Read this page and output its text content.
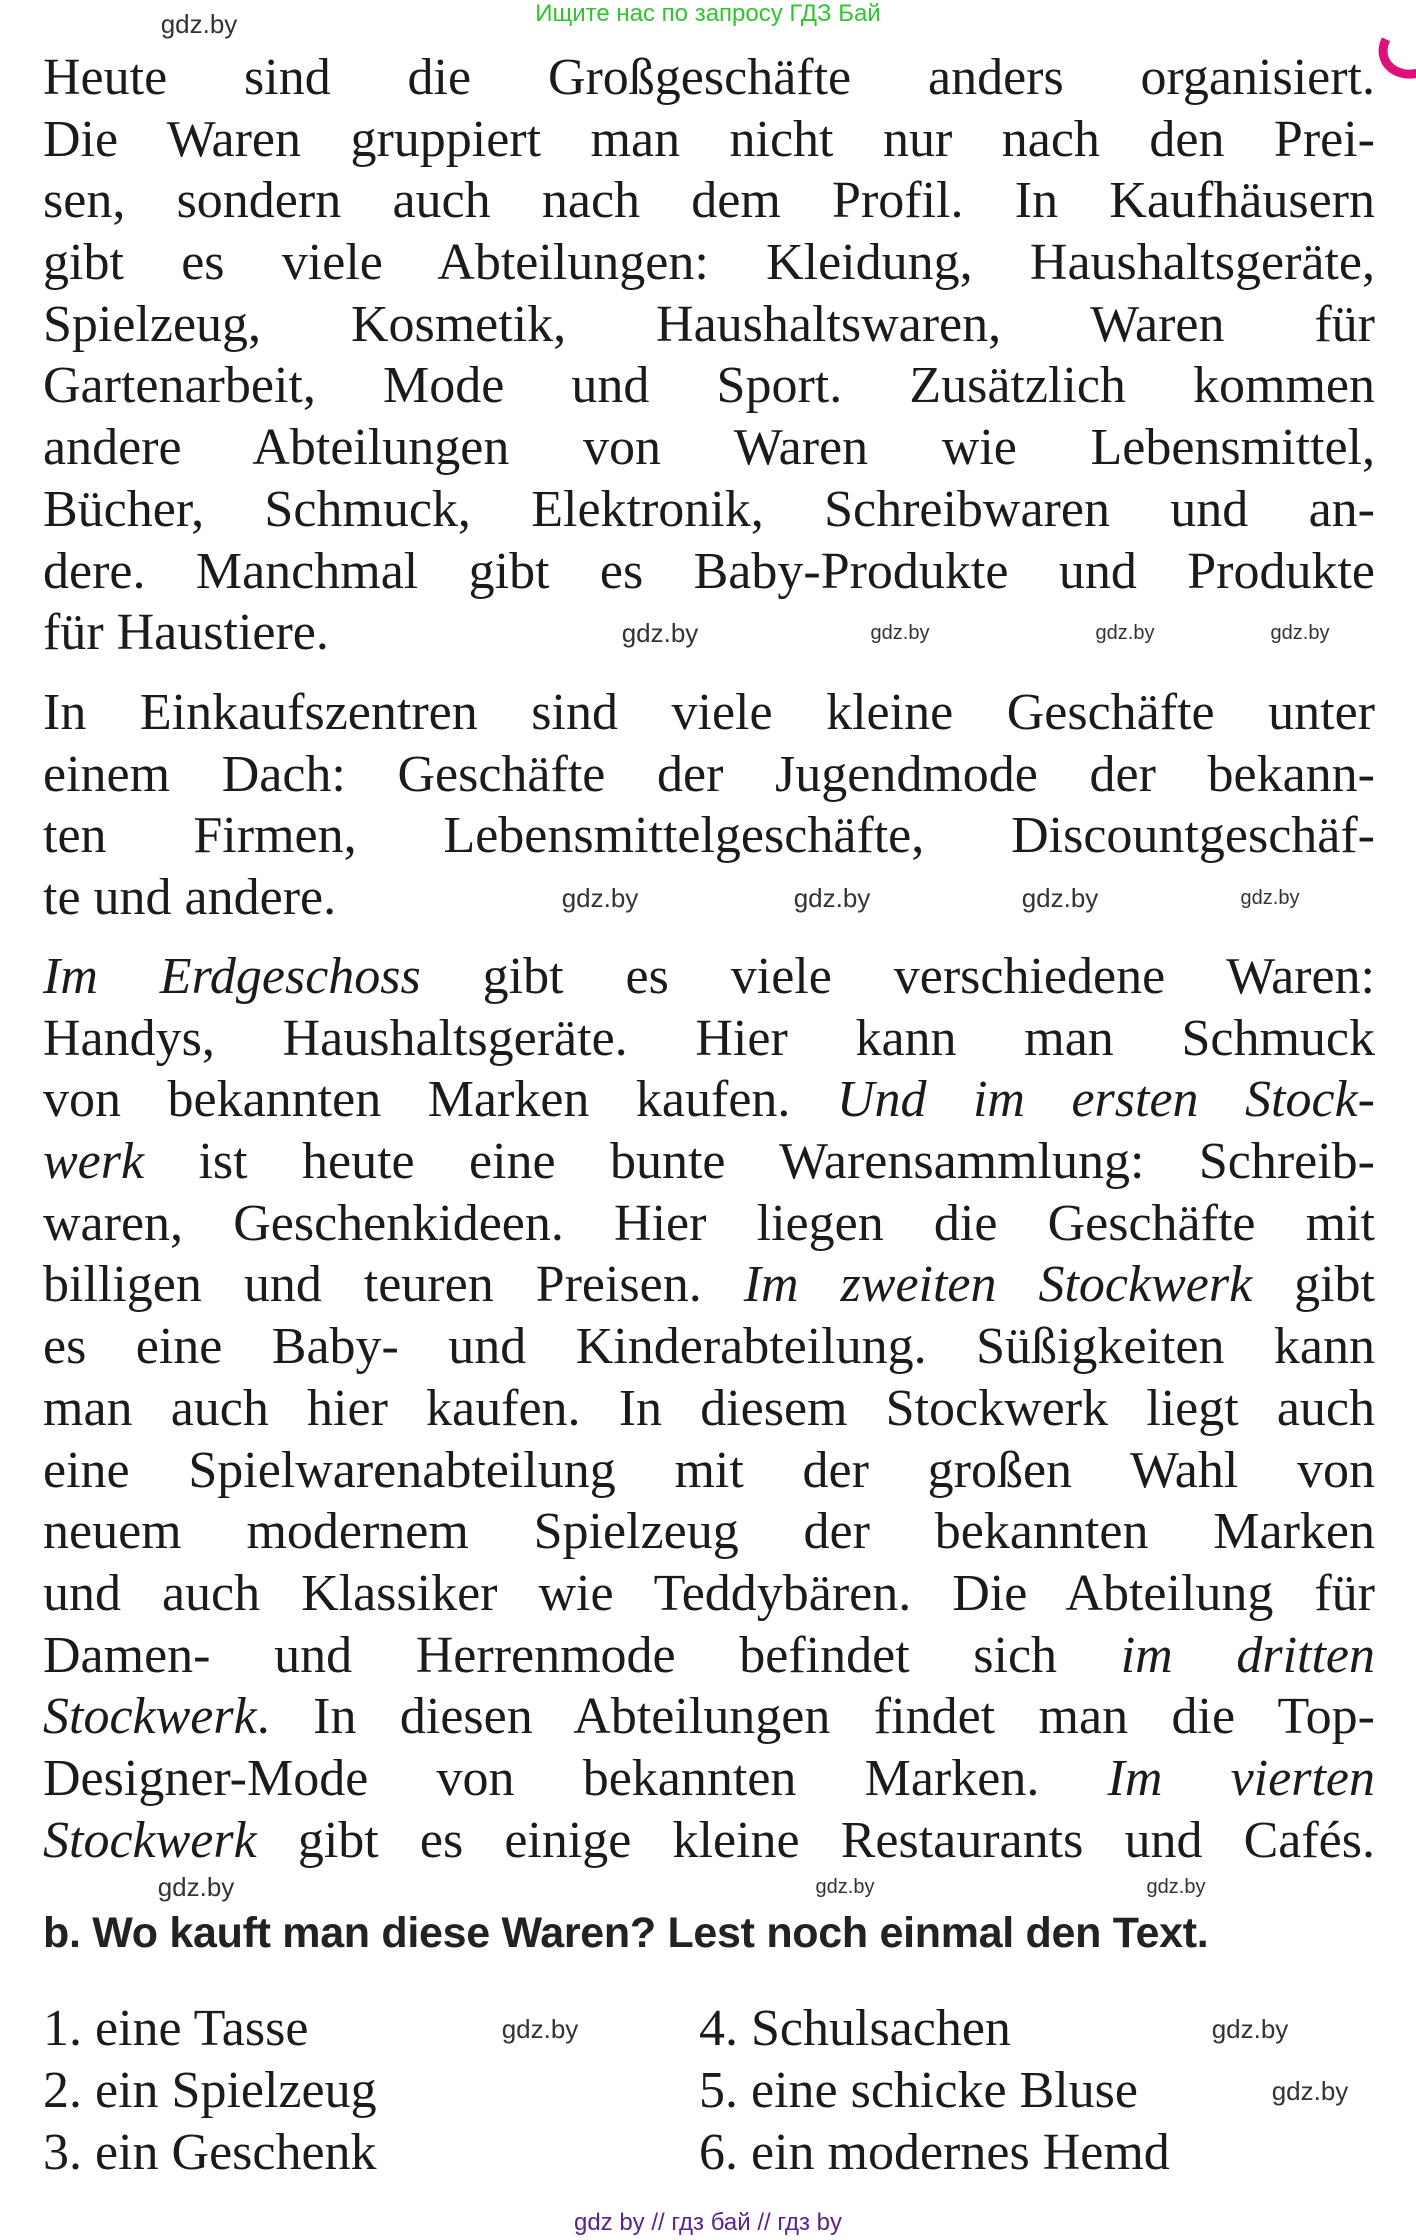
Ищите нас по запросу ГДЗ Бай
Heute sind die Großgeschäfte anders organisiert.
Die Waren gruppiert man nicht nur nach den Prei-
sen, sondern auch nach dem Profil. In Kaufhäusern
gibt es viele Abteilungen: Kleidung, Haushaltsgeräte,
Spielzeug, Kosmetik, Haushaltswaren, Waren für
Gartenarbeit, Mode und Sport. Zusätzlich kommen
andere Abteilungen von Waren wie Lebensmittel,
Bücher, Schmuck, Elektronik, Schreibwaren und an-
dere. Manchmal gibt es Baby-Produkte und Produkte
für Haustiere.
In Einkaufszentren sind viele kleine Geschäfte unter
einem Dach: Geschäfte der Jugendmode der bekann-
ten Firmen, Lebensmittelgeschäfte, Discountgeschäf-
te und andere.
Im Erdgeschoss gibt es viele verschiedene Waren:
Handys, Haushaltsgeräte. Hier kann man Schmuck
von bekannten Marken kaufen. Und im ersten Stock-
werk ist heute eine bunte Warensammlung: Schreib-
waren, Geschenkideen. Hier liegen die Geschäfte mit
billigen und teuren Preisen. Im zweiten Stockwerk gibt
es eine Baby- und Kinderabteilung. Süßigkeiten kann
man auch hier kaufen. In diesem Stockwerk liegt auch
eine Spielwarenabteilung mit der großen Wahl von
neuem modernem Spielzeug der bekannten Marken
und auch Klassiker wie Teddybären. Die Abteilung für
Damen- und Herrenmode befindet sich im dritten
Stockwerk. In diesen Abteilungen findet man die Top-
Designer-Mode von bekannten Marken. Im vierten
Stockwerk gibt es einige kleine Restaurants und Cafés.
b. Wo kauft man diese Waren? Lest noch einmal den Text.
1. eine Tasse
2. ein Spielzeug
3. ein Geschenk
4. Schulsachen
5. eine schicke Bluse
6. ein modernes Hemd
gdz.by
gdz.by
gdz.by	gdz.by
gdz.by
gdz.by	gdz.by	gdz.by	gdz.by
gdz.by	gdz.by
gdz.by
gdz.by
gdz.by
gdz.by
gdz by // гдз бай // гдз by
